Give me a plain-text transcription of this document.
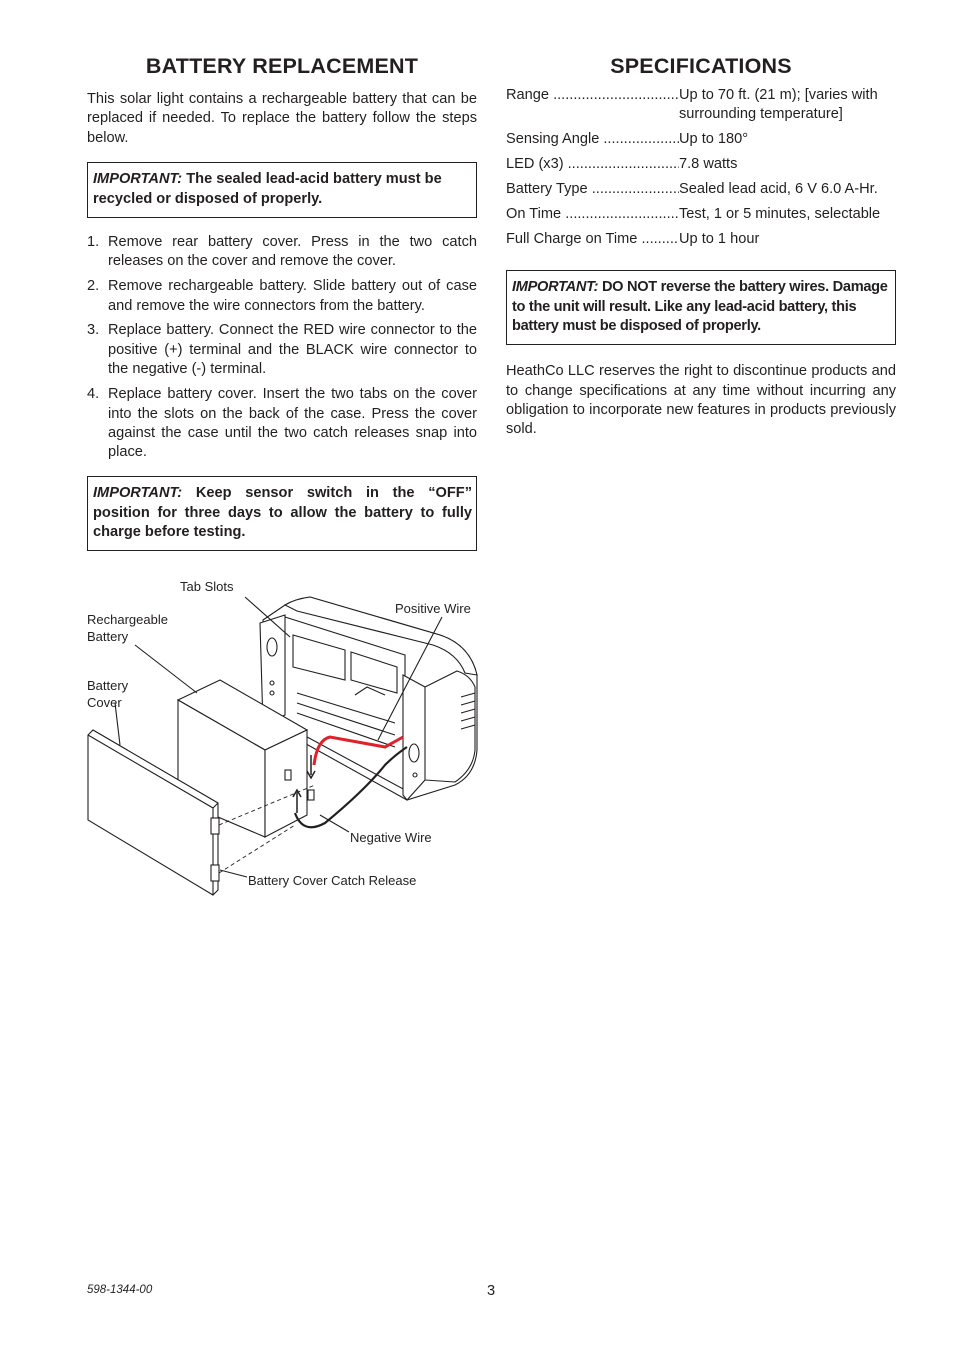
BATTERY REPLACEMENT

This solar light contains a rechargeable battery that can be replaced if needed. To replace the battery follow the steps below.

IMPORTANT: The sealed lead-acid battery must be recycled or disposed of properly.
1. Remove rear battery cover. Press in the two catch releases on the cover and remove the cover.
2. Remove rechargeable battery. Slide battery out of case and remove the wire connectors from the battery.
3. Replace battery. Connect the RED wire connector to the positive (+) terminal and the BLACK wire connector to the negative (-) terminal.
4. Replace battery cover. Insert the two tabs on the cover into the slots on the back of the case. Press the cover against the case until the two catch releases snap into place.
IMPORTANT: Keep sensor switch in the “OFF” position for three days to allow the battery to fully charge before testing.
Tab Slots
Rechargeable
Battery
Battery
Cover
Positive Wire
Negative Wire
Battery Cover Catch Release
SPECIFICATIONS
Range .....	Up to 70 ft. (21 m); [varies with surrounding temperature]
Sensing Angle .....	Up to 180°
LED (x3) .....	7.8 watts
Battery Type .....	Sealed lead acid, 6 V 6.0 A-Hr.
On Time .....	Test, 1 or 5 minutes, selectable
Full Charge on Time .....	Up to 1 hour
IMPORTANT: DO NOT reverse the battery wires. Damage to the unit will result. Like any lead-acid battery, this battery must be disposed of properly.

HeathCo LLC reserves the right to discontinue products and to change specifications at any time without incurring any obligation to incorporate new features in products previously sold.

598-1344-00	3
